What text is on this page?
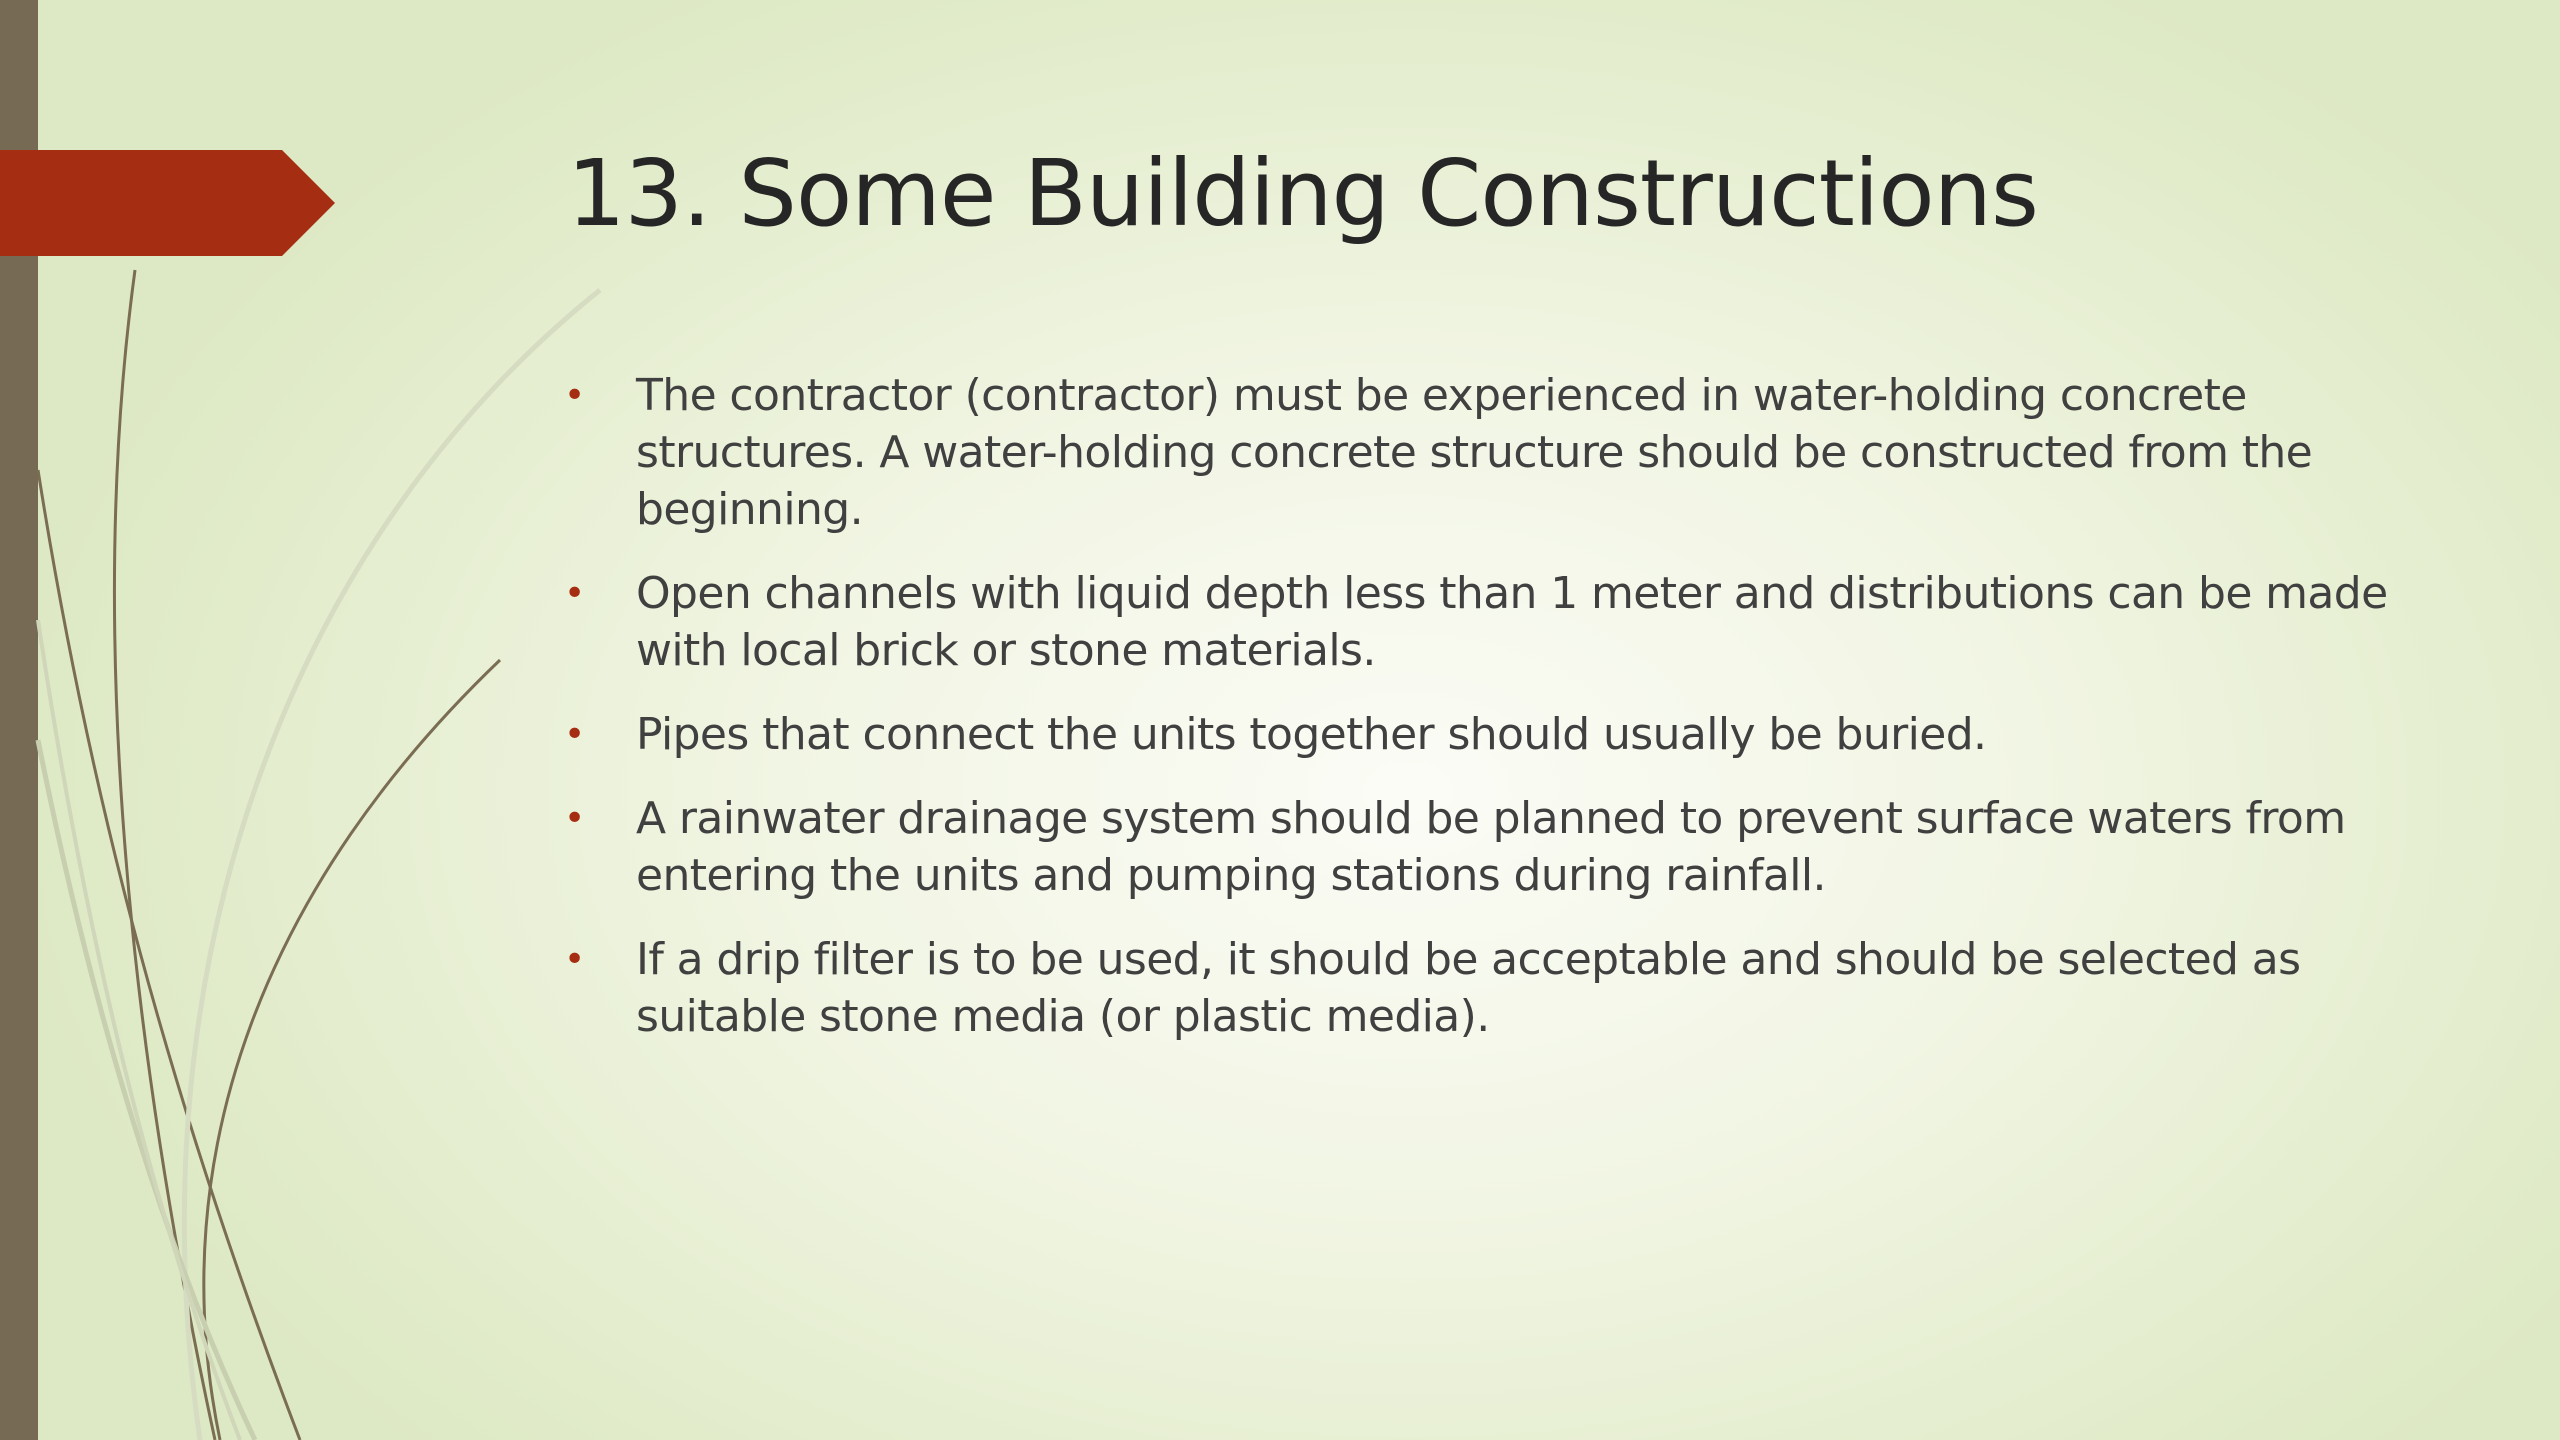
13. Some Building Constructions
• The contractor (contractor) must be experienced in water-holding concrete structures. A water-holding concrete structure should be constructed from the beginning.
• Open channels with liquid depth less than 1 meter and distributions can be made with local brick or stone materials.
• Pipes that connect the units together should usually be buried.
• A rainwater drainage system should be planned to prevent surface waters from entering the units and pumping stations during rainfall.
• If a drip filter is to be used, it should be acceptable and should be selected as suitable stone media (or plastic media).
